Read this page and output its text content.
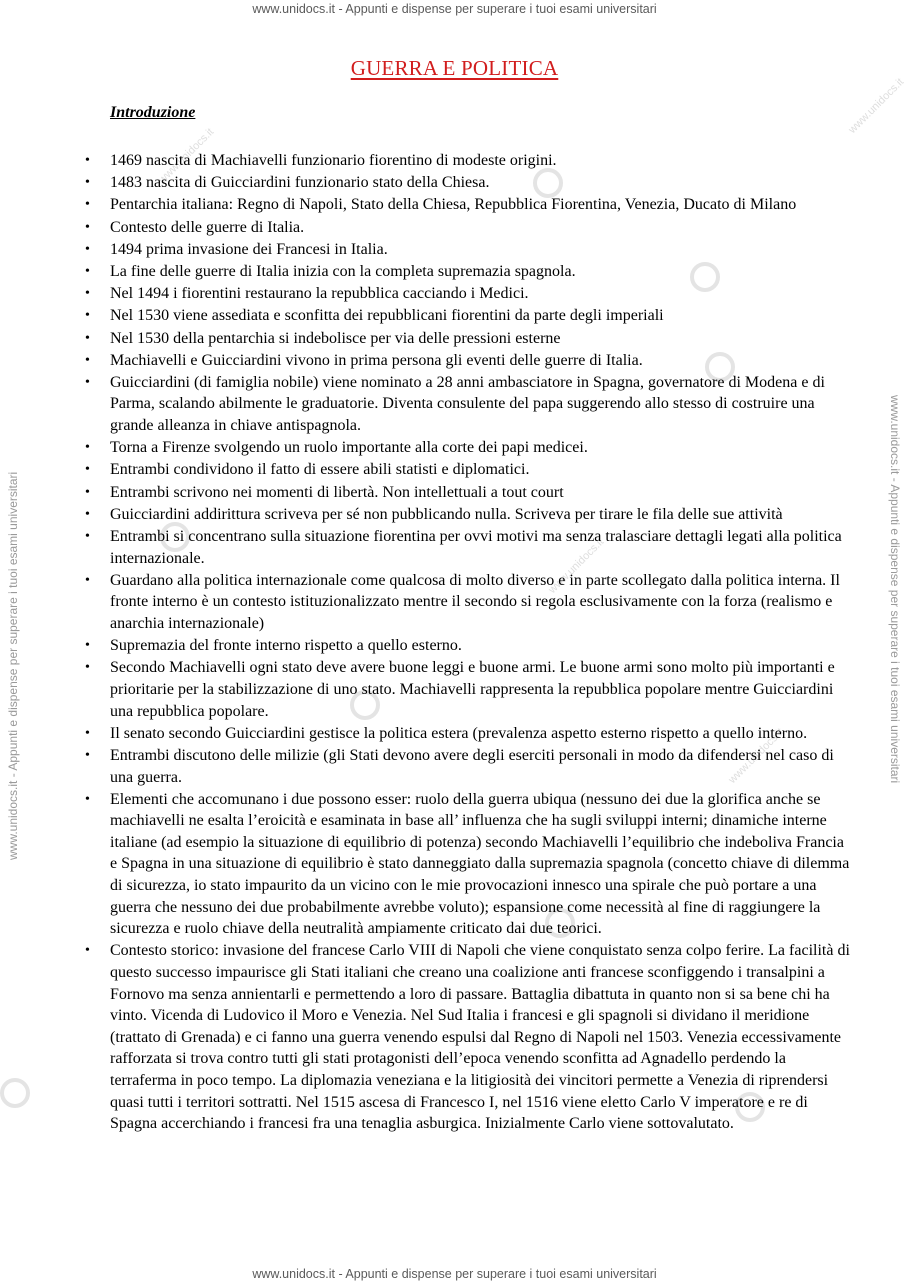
www.unidocs.it - Appunti e dispense per superare i tuoi esami universitari
www.unidocs.it - Appunti e dispense per superare i tuoi esami universitari
www.unidocs.it - Appunti e dispense per superare i tuoi esami universitari	www.unidocs.it - Appunti e dispense per superare i tuoi esami universitari
www.unidocs.it
www.unidocs.it
www.unidocs.it
www.unidocs.it
GUERRA E POLITICA
Introduzione
• 1469 nascita di Machiavelli funzionario fiorentino di modeste origini.
• 1483 nascita di Guicciardini funzionario stato della Chiesa.
• Pentarchia italiana: Regno di Napoli, Stato della Chiesa, Repubblica Fiorentina, Venezia, Ducato di Milano
• Contesto delle guerre di Italia.
• 1494 prima invasione dei Francesi in Italia.
• La fine delle guerre di Italia inizia con la completa supremazia spagnola.
• Nel 1494 i fiorentini restaurano la repubblica cacciando i Medici.
• Nel 1530 viene assediata e sconfitta dei repubblicani fiorentini da parte degli imperiali
• Nel 1530 della pentarchia si indebolisce per via delle pressioni esterne
• Machiavelli e Guicciardini vivono in prima persona gli eventi delle guerre di Italia.
• Guicciardini (di famiglia nobile) viene nominato a 28 anni ambasciatore in Spagna, governatore di Modena e di Parma, scalando abilmente le graduatorie. Diventa consulente del papa suggerendo allo stesso di costruire una grande alleanza in chiave antispagnola.
• Torna a Firenze svolgendo un ruolo importante alla corte dei papi medicei.
• Entrambi condividono il fatto di essere abili statisti e diplomatici.
• Entrambi scrivono nei momenti di libertà. Non intellettuali a tout court
• Guicciardini addirittura scriveva per sé non pubblicando nulla. Scriveva per tirare le fila delle sue attività
• Entrambi si concentrano sulla situazione fiorentina per ovvi motivi ma senza tralasciare dettagli legati alla politica internazionale.
• Guardano alla politica internazionale come qualcosa di molto diverso e in parte scollegato dalla politica interna. Il fronte interno è un contesto istituzionalizzato mentre il secondo si regola esclusivamente con la forza (realismo e anarchia internazionale)
• Supremazia del fronte interno rispetto a quello esterno.
• Secondo Machiavelli ogni stato deve avere buone leggi e buone armi. Le buone armi sono molto più importanti e prioritarie per la stabilizzazione di uno stato. Machiavelli rappresenta la repubblica popolare mentre Guicciardini una repubblica popolare.
• Il senato secondo Guicciardini gestisce la politica estera (prevalenza aspetto esterno rispetto a quello interno.
• Entrambi discutono delle milizie (gli Stati devono avere degli eserciti personali in modo da difendersi nel caso di una guerra.
• Elementi che accomunano i due possono esser: ruolo della guerra ubiqua (nessuno dei due la glorifica anche se machiavelli ne esalta l’eroicità e esaminata in base all’ influenza che ha sugli sviluppi interni; dinamiche interne italiane (ad esempio la situazione di equilibrio di potenza) secondo Machiavelli l’equilibrio che indeboliva Francia e Spagna in una situazione di equilibrio è stato danneggiato dalla supremazia spagnola (concetto chiave di dilemma di sicurezza, io stato impaurito da un vicino con le mie provocazioni innesco una spirale che può portare a una guerra che nessuno dei due probabilmente avrebbe voluto); espansione come necessità al fine di raggiungere la sicurezza e ruolo chiave della neutralità ampiamente criticato dai due teorici.
• Contesto storico: invasione del francese Carlo VIII di Napoli che viene conquistato senza colpo ferire. La facilità di questo successo impaurisce gli Stati italiani che creano una coalizione anti francese sconfiggendo i transalpini a Fornovo ma senza annientarli e permettendo a loro di passare. Battaglia dibattuta in quanto non si sa bene chi ha vinto. Vicenda di Ludovico il Moro e Venezia. Nel Sud Italia i francesi e gli spagnoli si dividano il meridione (trattato di Grenada) e ci fanno una guerra venendo espulsi dal Regno di Napoli nel 1503. Venezia eccessivamente rafforzata si trova contro tutti gli stati protagonisti dell’epoca venendo sconfitta ad Agnadello perdendo la terraferma in poco tempo. La diplomazia veneziana e la litigiosità dei vincitori permette a Venezia di riprendersi quasi tutti i territori sottratti. Nel 1515 ascesa di Francesco I, nel 1516 viene eletto Carlo V imperatore e re di Spagna accerchiando i francesi fra una tenaglia asburgica. Inizialmente Carlo viene sottovalutato.
